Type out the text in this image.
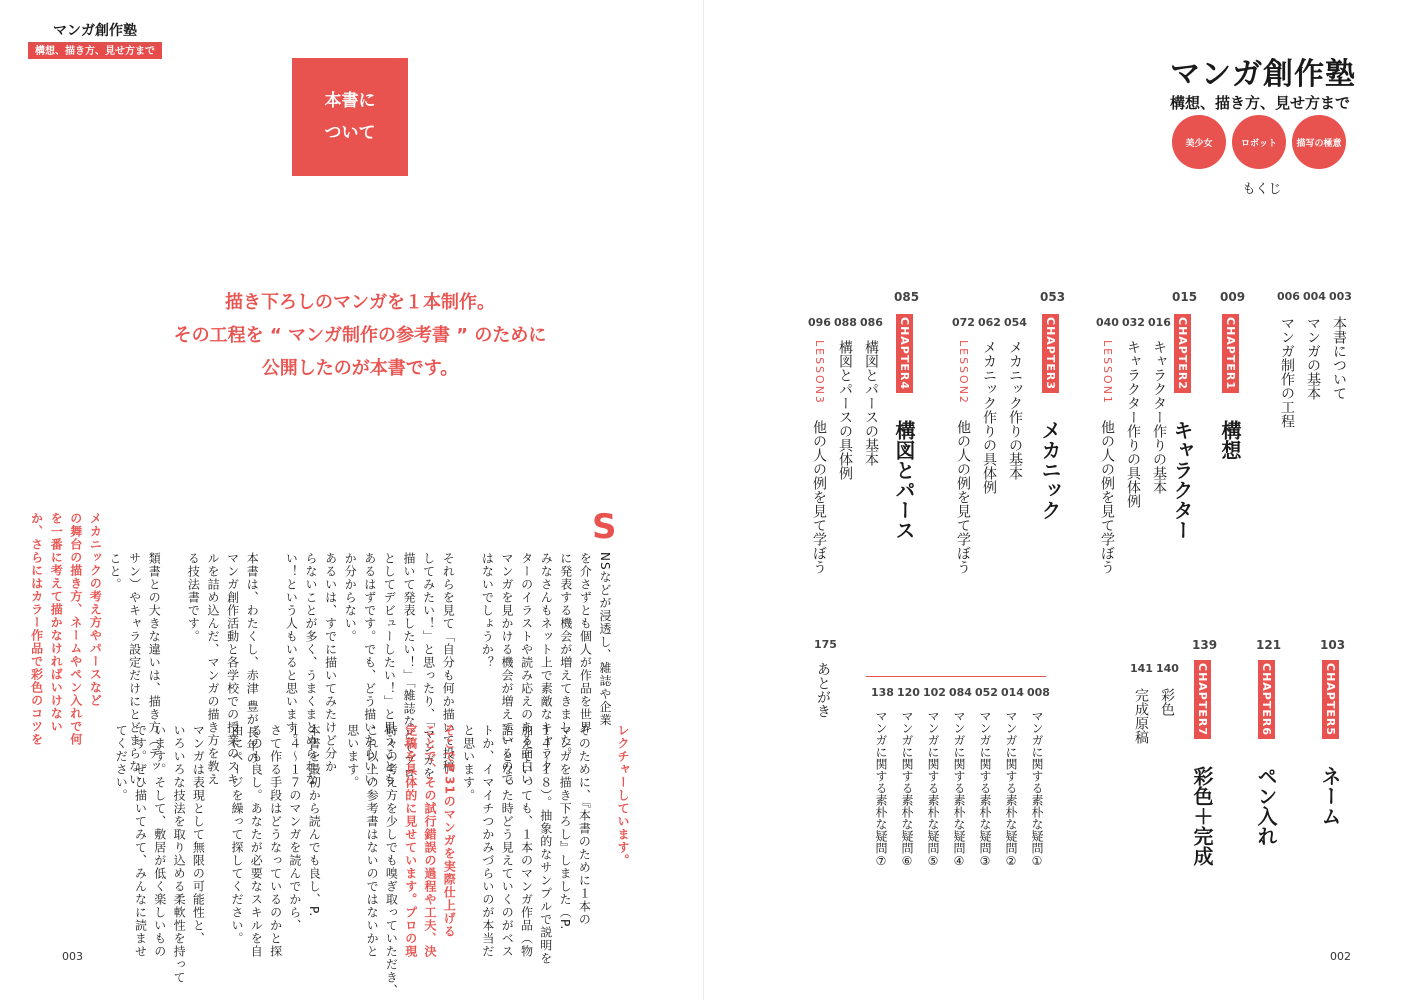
マンガ創作塾
構想、描き方、見せ方まで
本書に
ついて
描き下ろしのマンガを１本制作。
その工程を “ マンガ制作の参考書 ” のために
公開したのが本書です。
S
NSなどが浸透し、雑誌や企業
を介さずとも個人が作品を世界
に発表する機会が増えてきました。
みなさんもネット上で素敵なキャラク
ターのイラストや読み応えのある面白い
マンガを見かける機会が増えているので
はないでしょうか？
それらを見て「自分も何か描いて投稿
してみたい！」と思ったり、「マンガを
描いて発表したい！」「雑誌などでプロ
としてデビューしたい！」と思うことも
あるはずです。でも、どう描いたらいい
か分からない。
あるいは、すでに描いてみたけど分か
らないことが多く、うまくまとめられな
い！という人もいると思います。
本書は、わたくし、赤津 豊が長年の
マンガ創作活動と各学校での授業のスキ
ルを詰め込んだ、マンガの描き方を教え
る技法書です。
類書との大きな違いは、描き方（デッ
サン）やキャラ設定だけにとどまらない
こと。
メカニックの考え方やパースなど
の舞台の描き方、ネームやペン入れで何
を一番に考えて描かなければいけない
か、さらにはカラー作品で彩色のコツを
レクチャーしています。
そのために、『本書のために１本の
マンガを描き下ろし』しました（P.
１４～１８）。抽象的なサンプルで説明を
加えていっても、１本のマンガ作品（物
語）となった時どう見えていくのがベス
トか、イマイチつかみづらいのが本当だ
と思います。
そこでP.31のマンガを実際仕上げる
ことで、その試行錯誤の過程や工夫、決
定稿を具体的に見せています。プロの現
時々の考え方を少しでも嗅ぎ取っていただき、
これ以上の参考書はないのではないかと
思います。
本書を最初から読んでも良し、P.
１４～１７のマンガを読んでから、
さて作る手段はどうなっているのかと探
るのも良し。あなたが必要なスキルを自
由にページを繰って探してください。
マンガは表現として無限の可能性と、
いろいろな技法を取り込める柔軟性を持って
います。そして、敷居が低く楽しいもの
です。ぜひ描いてみて、みんなに読ませ
てください。
003
マンガ創作塾
構想、描き方、見せ方まで
美少女	ロボット	描写の極意
もくじ
003
本書について
004
マンガの基本
006
マンガ制作の工程
009
CHAPTER1
構想
015
CHAPTER2
キャラクター
016
キャラクター作りの基本
032
キャラクター作りの具体例
040
他の人の例を見て学ぼう
LESSON1
053
CHAPTER3
メカニック
054
メカニック作りの基本
062
メカニック作りの具体例
072
他の人の例を見て学ぼう
LESSON2
085
CHAPTER4
構図とパース
086
構図とパースの基本
088
構図とパースの具体例
096
他の人の例を見て学ぼう
LESSON3
103
CHAPTER5
ネーム
121
CHAPTER6
ペン入れ
139
CHAPTER7
彩色＋完成
140
彩色
141
完成原稿
008
マンガに関する素朴な疑問①
014
マンガに関する素朴な疑問②
052
マンガに関する素朴な疑問③
084
マンガに関する素朴な疑問④
102
マンガに関する素朴な疑問⑤
120
マンガに関する素朴な疑問⑥
138
マンガに関する素朴な疑問⑦
175
あとがき
002
